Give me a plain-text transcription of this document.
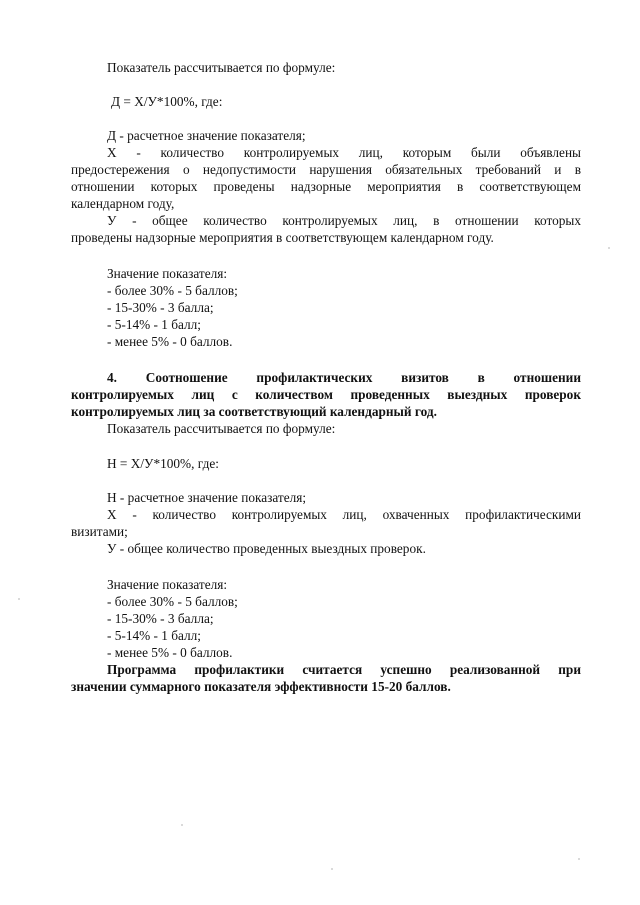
Показатель рассчитывается по формуле:
Д = Х/У*100%, где:
Д - расчетное значение показателя;
Х - количество контролируемых лиц, которым были объявлены
предостережения о недопустимости нарушения обязательных требований и в
отношении которых проведены надзорные мероприятия в соответствующем
календарном году,
У - общее количество контролируемых лиц, в отношении которых
проведены надзорные мероприятия в соответствующем календарном году.
Значение показателя:
- более 30% - 5 баллов;
- 15-30% - 3 балла;
- 5-14% - 1 балл;
- менее 5% - 0 баллов.
4. Соотношение профилактических визитов в отношении
контролируемых лиц с количеством проведенных выездных проверок
контролируемых лиц за соответствующий календарный год.
Показатель рассчитывается по формуле:
Н = Х/У*100%, где:
Н - расчетное значение показателя;
Х - количество контролируемых лиц, охваченных профилактическими
визитами;
У - общее количество проведенных выездных проверок.
Значение показателя:
- более 30% - 5 баллов;
- 15-30% - 3 балла;
- 5-14% - 1 балл;
- менее 5% - 0 баллов.
Программа профилактики считается успешно реализованной при
значении суммарного показателя эффективности 15-20 баллов.
